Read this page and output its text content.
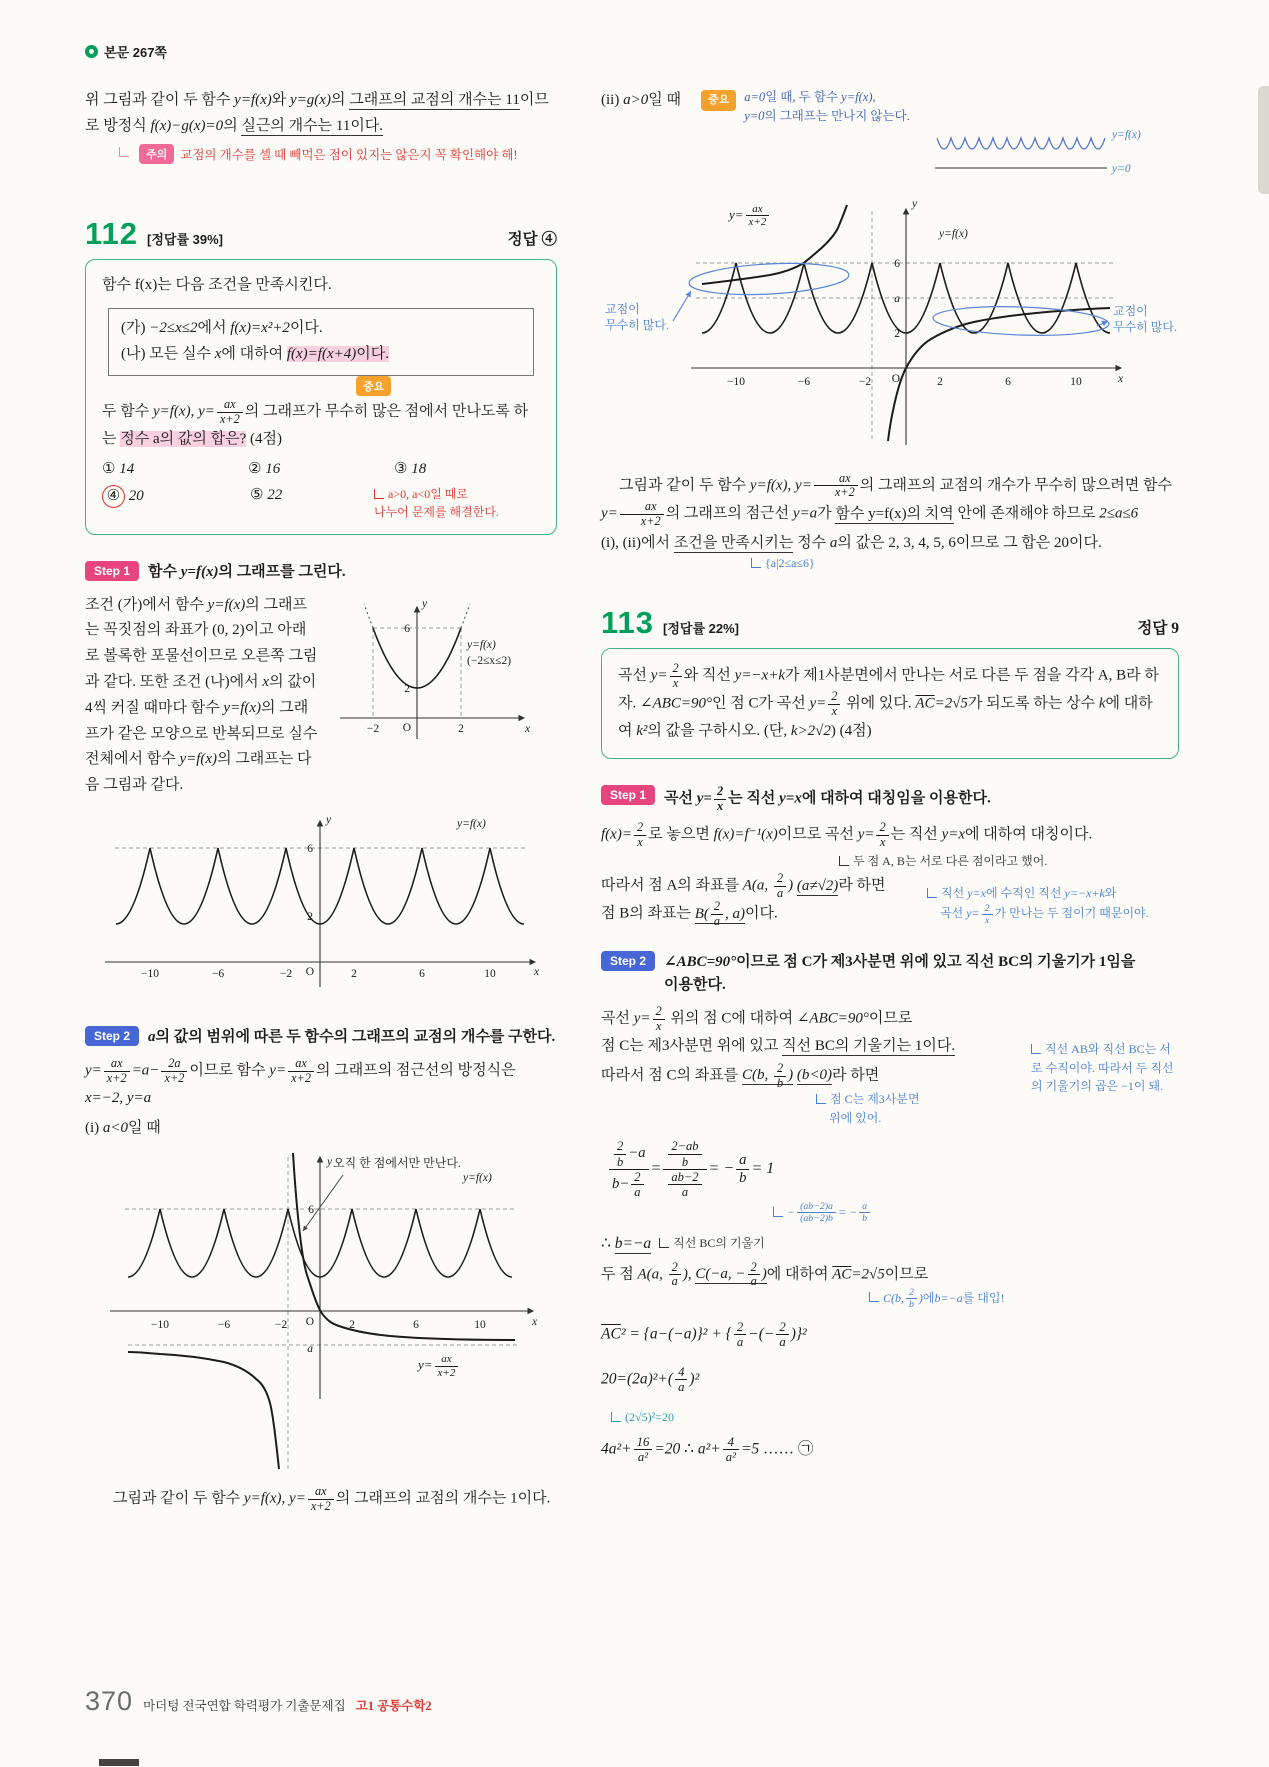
본문 267쪽

위 그림과 같이 두 함수 y=f(x)와 y=g(x)의 그래프의 교점의 개수는 11이므로 방정식 f(x)−g(x)=0의 실근의 개수는 11이다.

주의	교점의 개수를 셀 때 빼먹은 점이 있지는 않은지 꼭 확인해야 해!
112 [정답률 39%]	정답 ④

함수 f(x)는 다음 조건을 만족시킨다.

(가) −2≤x≤2에서 f(x)=x²+2이다.

(나) 모든 실수 x에 대하여 f(x)=f(x+4)이다.

중요

두 함수 y=f(x), $y= \frac{ax}{x+2}$ 의 그래프가 무수히 많은 점에서 만나도록 하는 정수 a의 값의 합은? (4점)

① 14	② 16	③ 18
④ 20	⑤ 22	a>0, a<0일 때로
나누어 문제를 해결한다.
Step 1	함수 y=f(x)의 그래프를 그린다.

조건 (가)에서 함수 y=f(x)의 그래프는 꼭짓점의 좌표가 (0, 2)이고 아래로 볼록한 포물선이므로 오른쪽 그림과 같다. 또한 조건 (나)에서 x의 값이 4씩 커질 때마다 함수 y=f(x)의 그래프가 같은 모양으로 반복되므로 실수 전체에서 함수 y=f(x)의 그래프는 다음 그림과 같다.

y
6
2
−2 O	2	x
y=f(x)
(−2≤x≤2)
y
x
O
6
2
−10	−6	−2	2	6	10
y=f(x)
Step 2	a의 값의 범위에 따른 두 함수의 그래프의 교점의 개수를 구한다.

$y= \frac{ax}{x+2} =a- \frac{2a}{x+2}$ 이므로 함수 $y= \frac{ax}{x+2}$ 의 그래프의 점근선의 방정식은 x=−2, y=a

(i) a<0일 때

오직 한 점에서만 만난다.
y
x
O
6
a
−10	−6	−2	2	6	10
y=f(x)
$y= \frac{ax}{x+2}$

그림과 같이 두 함수 y=f(x), $y= \frac{ax}{x+2}$ 의 그래프의 교점의 개수는 1이다.

(ii) a>0일 때	중요	a=0일 때, 두 함수 y=f(x),
y=0의 그래프는 만나지 않는다.
y=f(x)
y=0
교점이
무수히 많다.
교점이
무수히 많다.
y
x
O
6
a
2
−10	−6	−2	2	6	10
y=f(x)
$y= \frac{ax}{x+2}$

그림과 같이 두 함수 y=f(x), $y= \frac{ax}{x+2}$ 의 그래프의 교점의 개수가 무수히 많으려면 함수 $y= \frac{ax}{x+2}$ 의 그래프의 점근선 y=a가 함수 y=f(x)의 치역 안에 존재해야 하므로 2≤a≤6

(i), (ii)에서 조건을 만족시키는 정수 a의 값은 2, 3, 4, 5, 6이므로 그 합은 20이다.

{a|2≤a≤6}
113 [정답률 22%]	정답 9

곡선 $y= \frac{2}{x}$ 와 직선 y=−x+k가 제1사분면에서 만나는 서로 다른 두 점을 각각 A, B라 하자. ∠ABC=90°인 점 C가 곡선 $y= \frac{2}{x}$ 위에 있다. $\overline{AC}=2√5$가 되도록 하는 상수 k에 대하여 k²의 값을 구하시오. (단, k>2√2) (4점)

Step 1	곡선 $y= \frac{2}{x}$ 는 직선 y=x에 대하여 대칭임을 이용한다.

$f(x)= \frac{2}{x}$ 로 놓으면 f(x)=f⁻¹(x)이므로 곡선 $y= \frac{2}{x}$ 는 직선 y=x에 대하여 대칭이다.

두 점 A, B는 서로 다른 점이라고 했어.

따라서 점 A의 좌표를 A(a, $\frac{2}{a}$ ) (a≠√2)라 하면

점 B의 좌표는 $B( \frac{2}{a}$ , a)이다.

직선 y=x에 수직인 직선 y=−x+k와
곡선 $y= \frac{2}{x}$ 가 만나는 두 점이기 때문이야.
Step 2	∠ABC=90°이므로 점 C가 제3사분면 위에 있고 직선 BC의 기울기가 1임을 이용한다.

곡선 $y= \frac{2}{x}$ 위의 점 C에 대하여 ∠ABC=90°이므로

점 C는 제3사분면 위에 있고 직선 BC의 기울기는 1이다.

따라서 점 C의 좌표를 C(b, $\frac{2}{b}$ ) (b<0)라 하면

직선 AB와 직선 BC는 서로 수직이야. 따라서 두 직선의 기울기의 곱은 −1이 돼.
점 C는 제3사분면
위에 있어.
$\frac{\frac{2}{b} -a}{b- \frac{2}{a}} = \frac{\frac{2-ab}{b}}{\frac{ab-2}{a}}$ = − $\frac{a}{b} = 1$
− $\frac{(ab-2)a}{(ab-2)b}$ = − $\frac{a}{b}$
∴ b=−a	직선 BC의 기울기

두 점 A(a, $\frac{2}{a}$ ), C(−a, − $\frac{2}{a}$ )에 대하여 $\overline{AC}=2√5$이므로

C(b, $\frac{2}{b}$ ) 에 b=−a 를 대입!

$\overline{AC}^2 = \{a-(-a)\}^2$ + { $\frac{2}{a}$ −(− $\frac{2}{a} )\}^2$

$20=(2a)^2+( \frac{4}{a} )^2$

(2√5)²=20

$4a^2+ \frac{16}{\text{a²}} =20$ ∴ $a^2+ \frac{4}{\text{a²}} =5$ …… ㉠

370 마더텅 전국연합 학력평가 기출문제집 고1 공통수학2
